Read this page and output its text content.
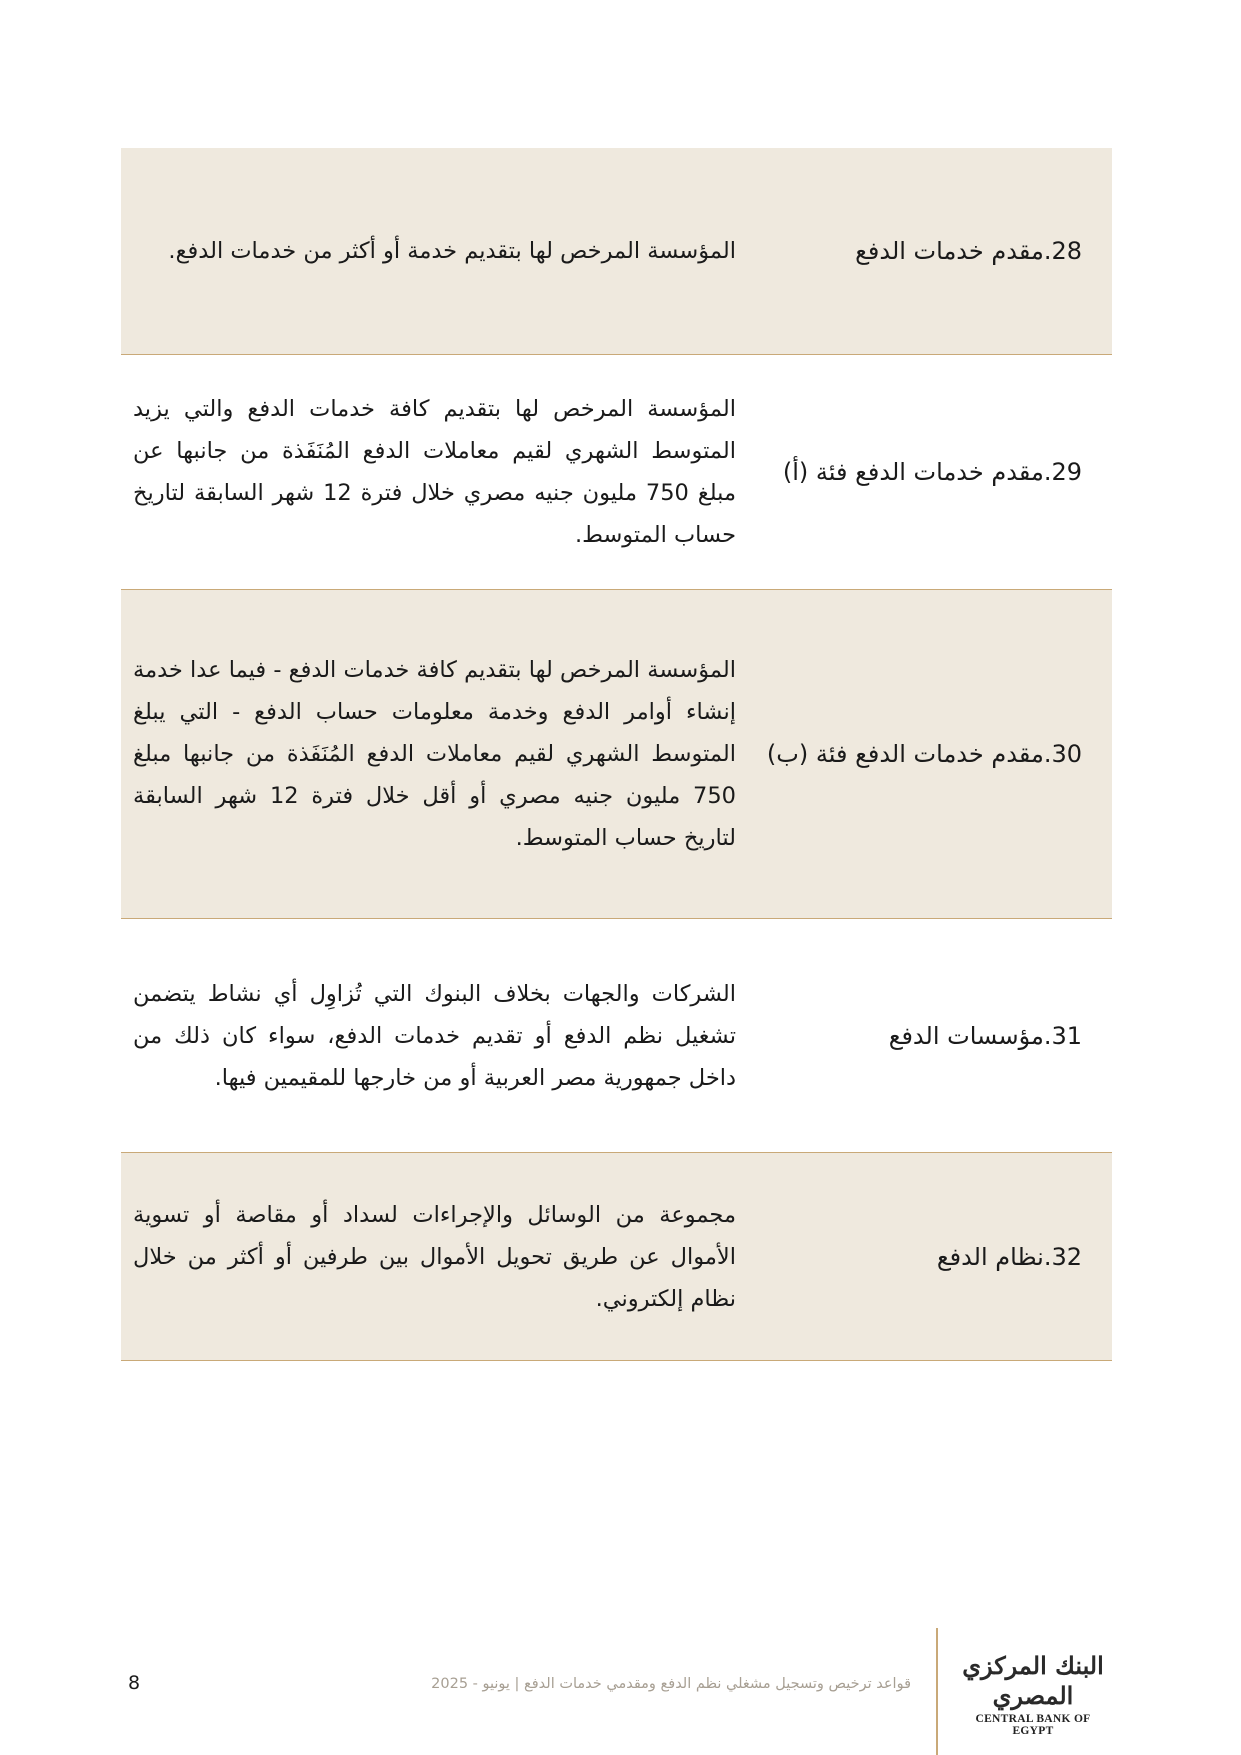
28.مقدم خدمات الدفع
المؤسسة المرخص لها بتقديم خدمة أو أكثر من خدمات الدفع.
29.مقدم خدمات الدفع فئة (أ)
المؤسسة المرخص لها بتقديم كافة خدمات الدفع والتي يزيد المتوسط الشهري لقيم معاملات الدفع المُنَفَذة من جانبها عن مبلغ 750 مليون جنيه مصري خلال فترة 12 شهر السابقة لتاريخ حساب المتوسط.
30.مقدم خدمات الدفع فئة (ب)
المؤسسة المرخص لها بتقديم كافة خدمات الدفع - فيما عدا خدمة إنشاء أوامر الدفع وخدمة معلومات حساب الدفع - التي يبلغ المتوسط الشهري لقيم معاملات الدفع المُنَفَذة من جانبها مبلغ 750 مليون جنيه مصري أو أقل خلال فترة 12 شهر السابقة لتاريخ حساب المتوسط.
31.مؤسسات الدفع
الشركات والجهات بخلاف البنوك التي تُزاوِل أي نشاط يتضمن تشغيل نظم الدفع أو تقديم خدمات الدفع، سواء كان ذلك من داخل جمهورية مصر العربية أو من خارجها للمقيمين فيها.
32.نظام الدفع
مجموعة من الوسائل والإجراءات لسداد أو مقاصة أو تسوية الأموال عن طريق تحويل الأموال بين طرفين أو أكثر من خلال نظام إلكتروني.
البنك المركزي المصري
CENTRAL BANK OF EGYPT
قواعد ترخيص وتسجيل مشغلي نظم الدفع ومقدمي خدمات الدفع | يونيو - 2025
8
